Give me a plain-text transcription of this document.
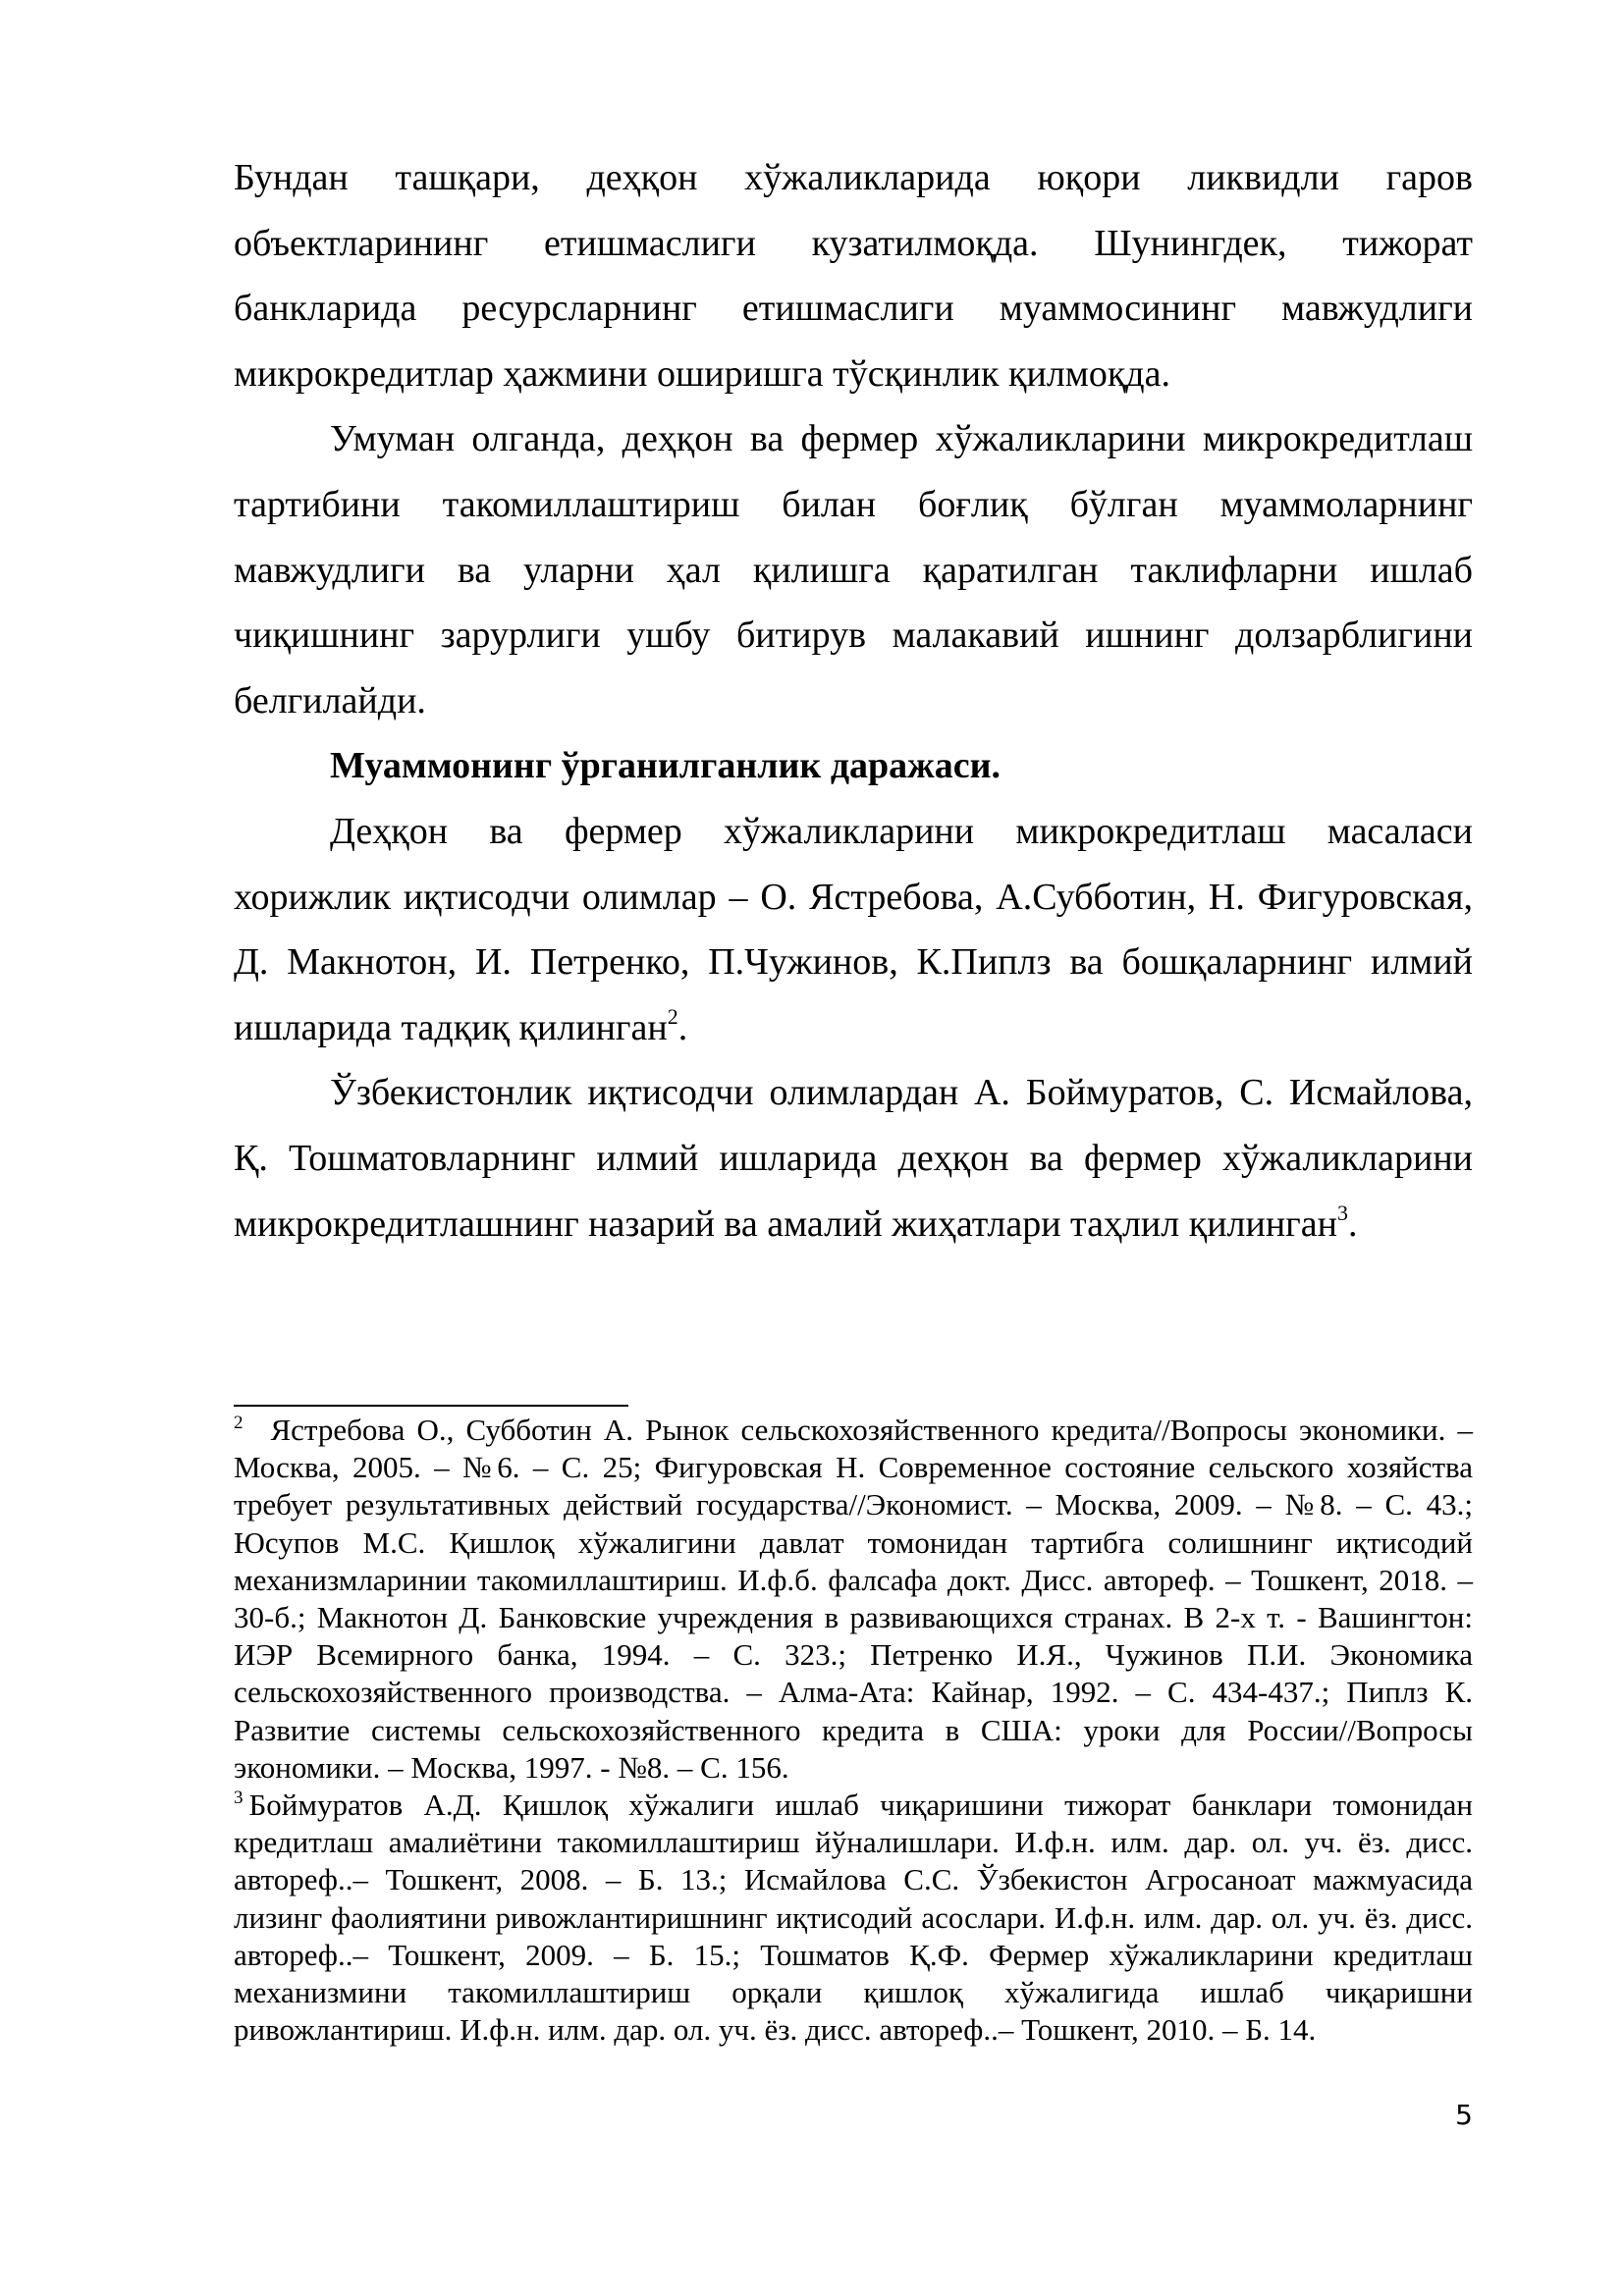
Бундан ташқари, деҳқон хўжаликларида юқори ликвидли гаров объектларининг етишмаслиги кузатилмоқда. Шунингдек, тижорат банкларида ресурсларнинг етишмаслиги муаммосининг мавжудлиги микрокредитлар ҳажмини оширишга тўсқинлик қилмоқда.

Умуман олганда, деҳқон ва фермер хўжаликларини микрокредитлаш тартибини такомиллаштириш билан боғлиқ бўлган муаммоларнинг мавжудлиги ва уларни ҳал қилишга қаратилган таклифларни ишлаб чиқишнинг зарурлиги ушбу битирув малакавий ишнинг долзарблигини белгилайди.

Муаммонинг ўрганилганлик даражаси.

Деҳқон ва фермер хўжаликларини микрокредитлаш масаласи хорижлик иқтисодчи олимлар – О. Ястребова, А.Субботин, Н. Фигуровская, Д. Макнотон, И. Петренко, П.Чужинов, К.Пиплз ва бошқаларнинг илмий ишларида тадқиқ қилинган$^2$.

Ўзбекистонлик иқтисодчи олимлардан А. Боймуратов, С. Исмайлова, Қ. Тошматовларнинг илмий ишларида деҳқон ва фермер хўжаликларини микрокредитлашнинг назарий ва амалий жиҳатлари таҳлил қилинган$^3$.

$^2$ Ястребова О., Субботин А. Рынок сельскохозяйственного кредита//Вопросы экономики. – Москва, 2005. – №6. – С. 25; Фигуровская Н. Современное состояние сельского хозяйства требует результативных действий государства//Экономист. – Москва, 2009. – №8. – С. 43.; Юсупов М.С. Қишлоқ хўжалигини давлат томонидан тартибга солишнинг иқтисодий механизмларинии такомиллаштириш. И.ф.б. фалсафа докт. Дисс. автореф. – Тошкент, 2018. – 30-б.; Макнотон Д. Банковские учреждения в развивающихся странах. В 2-х т. - Вашингтон: ИЭР Всемирного банка, 1994. – С. 323.; Петренко И.Я., Чужинов П.И. Экономика сельскохозяйственного производства. – Алма-Ата: Кайнар, 1992. – С. 434-437.; Пиплз К. Развитие системы сельскохозяйственного кредита в США: уроки для России//Вопросы экономики. – Москва, 1997. - №8. – С. 156.

$^3$ Боймуратов А.Д. Қишлоқ хўжалиги ишлаб чиқаришини тижорат банклари томонидан кредитлаш амалиётини такомиллаштириш йўналишлари. И.ф.н. илм. дар. ол. уч. ёз. дисс. автореф..– Тошкент, 2008. – Б. 13.; Исмайлова С.С. Ўзбекистон Агросаноат мажмуасида лизинг фаолиятини ривожлантиришнинг иқтисодий асослари. И.ф.н. илм. дар. ол. уч. ёз. дисс. автореф..– Тошкент, 2009. – Б. 15.; Тошматов Қ.Ф. Фермер хўжаликларини кредитлаш механизмини такомиллаштириш орқали қишлоқ хўжалигида ишлаб чиқаришни ривожлантириш. И.ф.н. илм. дар. ол. уч. ёз. дисс. автореф..– Тошкент, 2010. – Б. 14.

5
